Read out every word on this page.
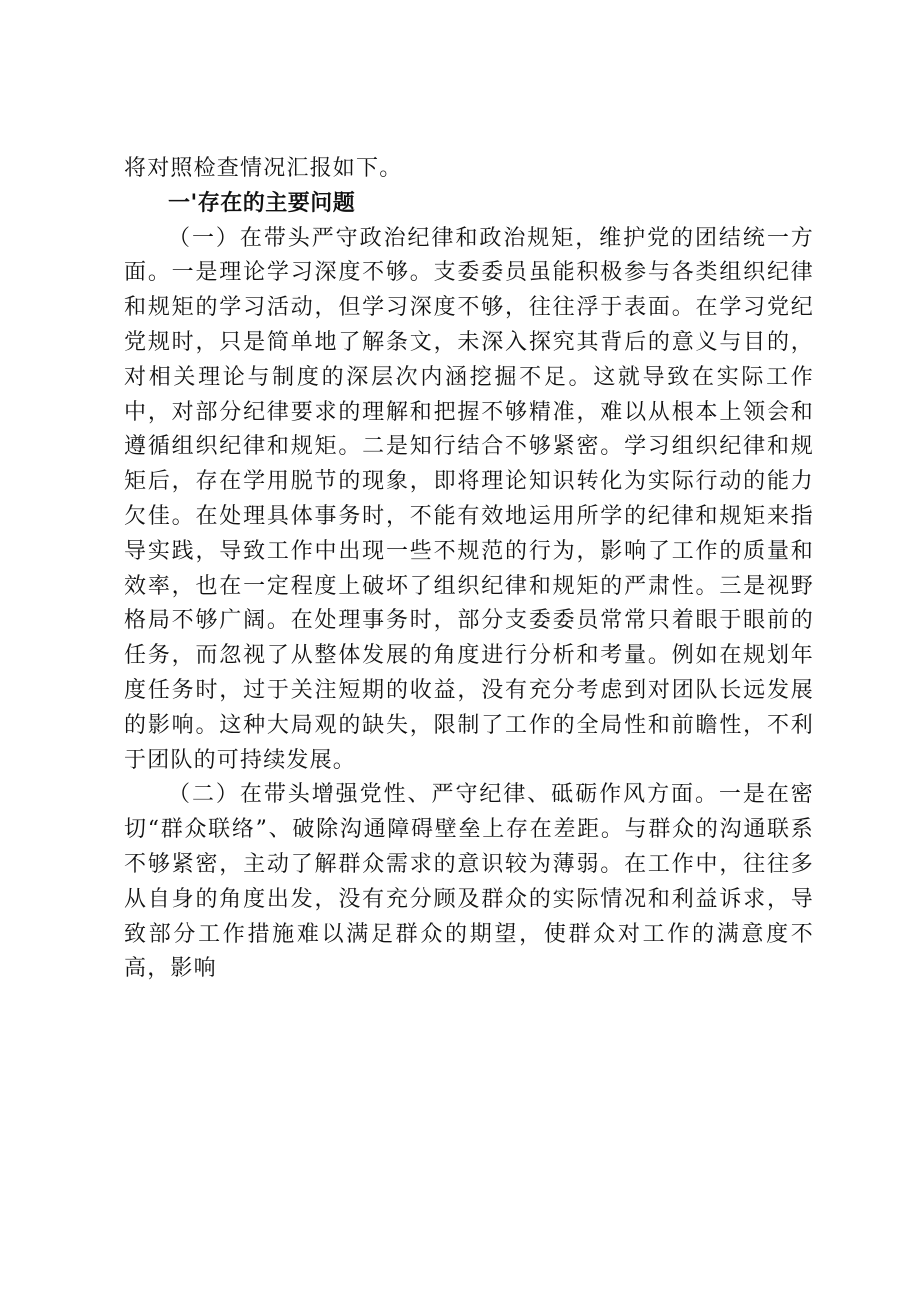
将对照检查情况汇报如下。

一'存在的主要问题

（一）在带头严守政治纪律和政治规矩，维护党的团结统一方面。一是理论学习深度不够。支委委员虽能积极参与各类组织纪律和规矩的学习活动，但学习深度不够，往往浮于表面。在学习党纪党规时，只是简单地了解条文，未深入探究其背后的意义与目的，对相关理论与制度的深层次内涵挖掘不足。这就导致在实际工作中，对部分纪律要求的理解和把握不够精准，难以从根本上领会和遵循组织纪律和规矩。二是知行结合不够紧密。学习组织纪律和规矩后，存在学用脱节的现象，即将理论知识转化为实际行动的能力欠佳。在处理具体事务时，不能有效地运用所学的纪律和规矩来指导实践，导致工作中出现一些不规范的行为，影响了工作的质量和效率，也在一定程度上破坏了组织纪律和规矩的严肃性。三是视野格局不够广阔。在处理事务时，部分支委委员常常只着眼于眼前的任务，而忽视了从整体发展的角度进行分析和考量。例如在规划年度任务时，过于关注短期的收益，没有充分考虑到对团队长远发展的影响。这种大局观的缺失，限制了工作的全局性和前瞻性，不利于团队的可持续发展。

（二）在带头增强党性、严守纪律、砥砺作风方面。一是在密切“群众联络”、破除沟通障碍壁垒上存在差距。与群众的沟通联系不够紧密，主动了解群众需求的意识较为薄弱。在工作中，往往多从自身的角度出发，没有充分顾及群众的实际情况和利益诉求，导致部分工作措施难以满足群众的期望，使群众对工作的满意度不高，影响
